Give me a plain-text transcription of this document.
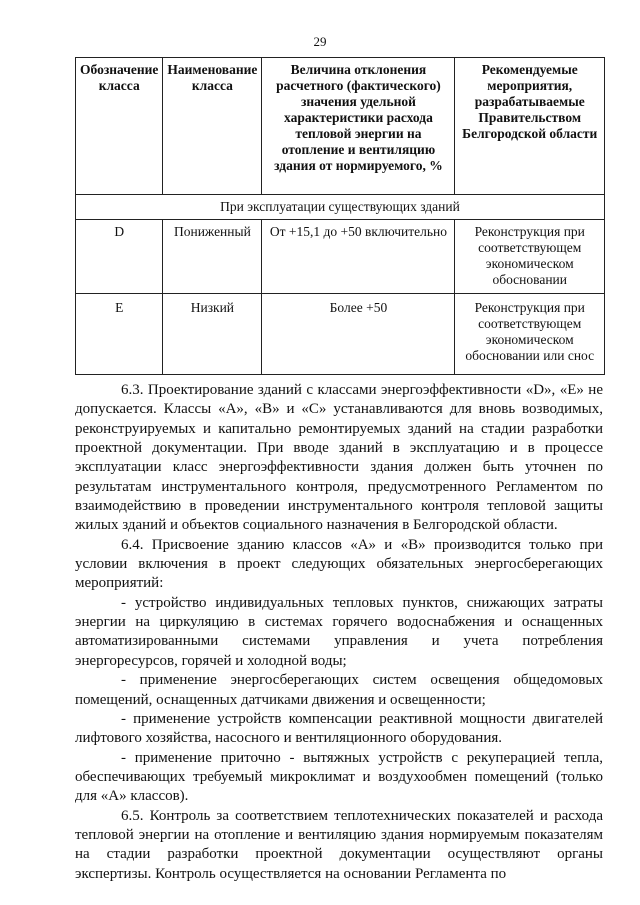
29
Обозначение класса	Наименование класса	Величина отклонения расчетного (фактического) значения удельной характеристики расхода тепловой энергии на отопление и вентиляцию здания от нормируемого, %	Рекомендуемые мероприятия, разрабатываемые Правительством Белгородской области
При эксплуатации существующих зданий			
D	Пониженный	От +15,1 до +50 включительно	Реконструкция при соответствующем экономическом обосновании
E	Низкий	Более +50	Реконструкция при соответствующем экономическом обосновании или снос

6.3. Проектирование зданий с классами энергоэффективности «D», «E» не допускается. Классы «А», «В» и «С» устанавливаются для вновь возводимых, реконструируемых и капитально ремонтируемых зданий на стадии разработки проектной документации. При вводе зданий в эксплуатацию и в процессе эксплуатации класс энергоэффективности здания должен быть уточнен по результатам инструментального контроля, предусмотренного Регламентом по взаимодействию в проведении инструментального контроля тепловой защиты жилых зданий и объектов социального назначения в Белгородской области.

6.4. Присвоение зданию классов «А» и «В» производится только при условии включения в проект следующих обязательных энергосберегающих мероприятий:

- устройство индивидуальных тепловых пунктов, снижающих затраты энергии на циркуляцию в системах горячего водоснабжения и оснащенных автоматизированными системами управления и учета потребления энергоресурсов, горячей и холодной воды;

- применение энергосберегающих систем освещения общедомовых помещений, оснащенных датчиками движения и освещенности;

- применение устройств компенсации реактивной мощности двигателей лифтового хозяйства, насосного и вентиляционного оборудования.

- применение приточно - вытяжных устройств с рекуперацией тепла, обеспечивающих требуемый микроклимат и воздухообмен помещений (только для «А» классов).

6.5. Контроль за соответствием теплотехнических показателей и расхода тепловой энергии на отопление и вентиляцию здания нормируемым показателям на стадии разработки проектной документации осуществляют органы экспертизы. Контроль осуществляется на основании Регламента по
